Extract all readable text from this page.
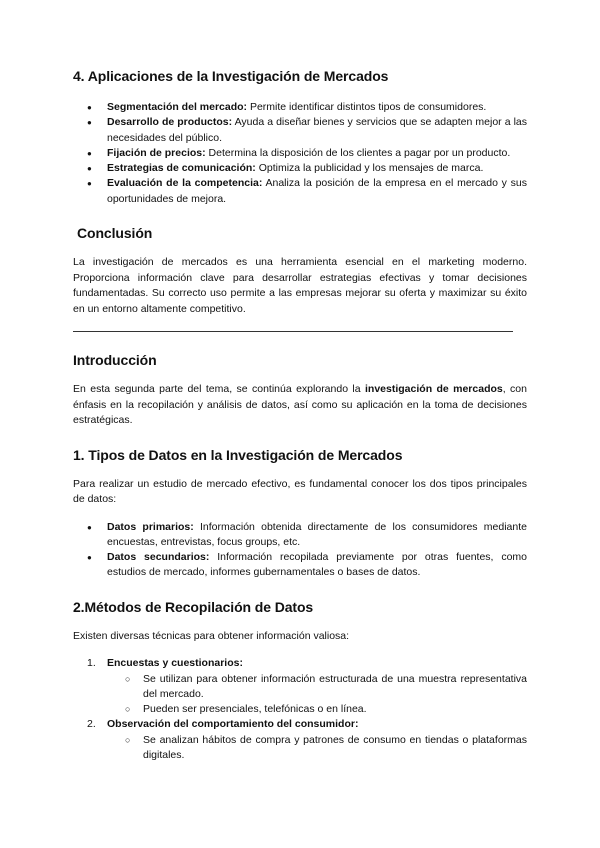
4. Aplicaciones de la Investigación de Mercados
● Segmentación del mercado: Permite identificar distintos tipos de consumidores.
● Desarrollo de productos: Ayuda a diseñar bienes y servicios que se adapten mejor a las necesidades del público.
● Fijación de precios: Determina la disposición de los clientes a pagar por un producto.
● Estrategias de comunicación: Optimiza la publicidad y los mensajes de marca.
● Evaluación de la competencia: Analiza la posición de la empresa en el mercado y sus oportunidades de mejora.
Conclusión

La investigación de mercados es una herramienta esencial en el marketing moderno. Proporciona información clave para desarrollar estrategias efectivas y tomar decisiones fundamentadas. Su correcto uso permite a las empresas mejorar su oferta y maximizar su éxito en un entorno altamente competitivo.

Introducción

En esta segunda parte del tema, se continúa explorando la investigación de mercados, con énfasis en la recopilación y análisis de datos, así como su aplicación en la toma de decisiones estratégicas.

1. Tipos de Datos en la Investigación de Mercados

Para realizar un estudio de mercado efectivo, es fundamental conocer los dos tipos principales de datos:

● Datos primarios: Información obtenida directamente de los consumidores mediante encuestas, entrevistas, focus groups, etc.
● Datos secundarios: Información recopilada previamente por otras fuentes, como estudios de mercado, informes gubernamentales o bases de datos.
2.Métodos de Recopilación de Datos

Existen diversas técnicas para obtener información valiosa:

1. Encuestas y cuestionarios:
○ Se utilizan para obtener información estructurada de una muestra representativa del mercado.
○ Pueden ser presenciales, telefónicas o en línea.
2. Observación del comportamiento del consumidor:
○ Se analizan hábitos de compra y patrones de consumo en tiendas o plataformas digitales.
